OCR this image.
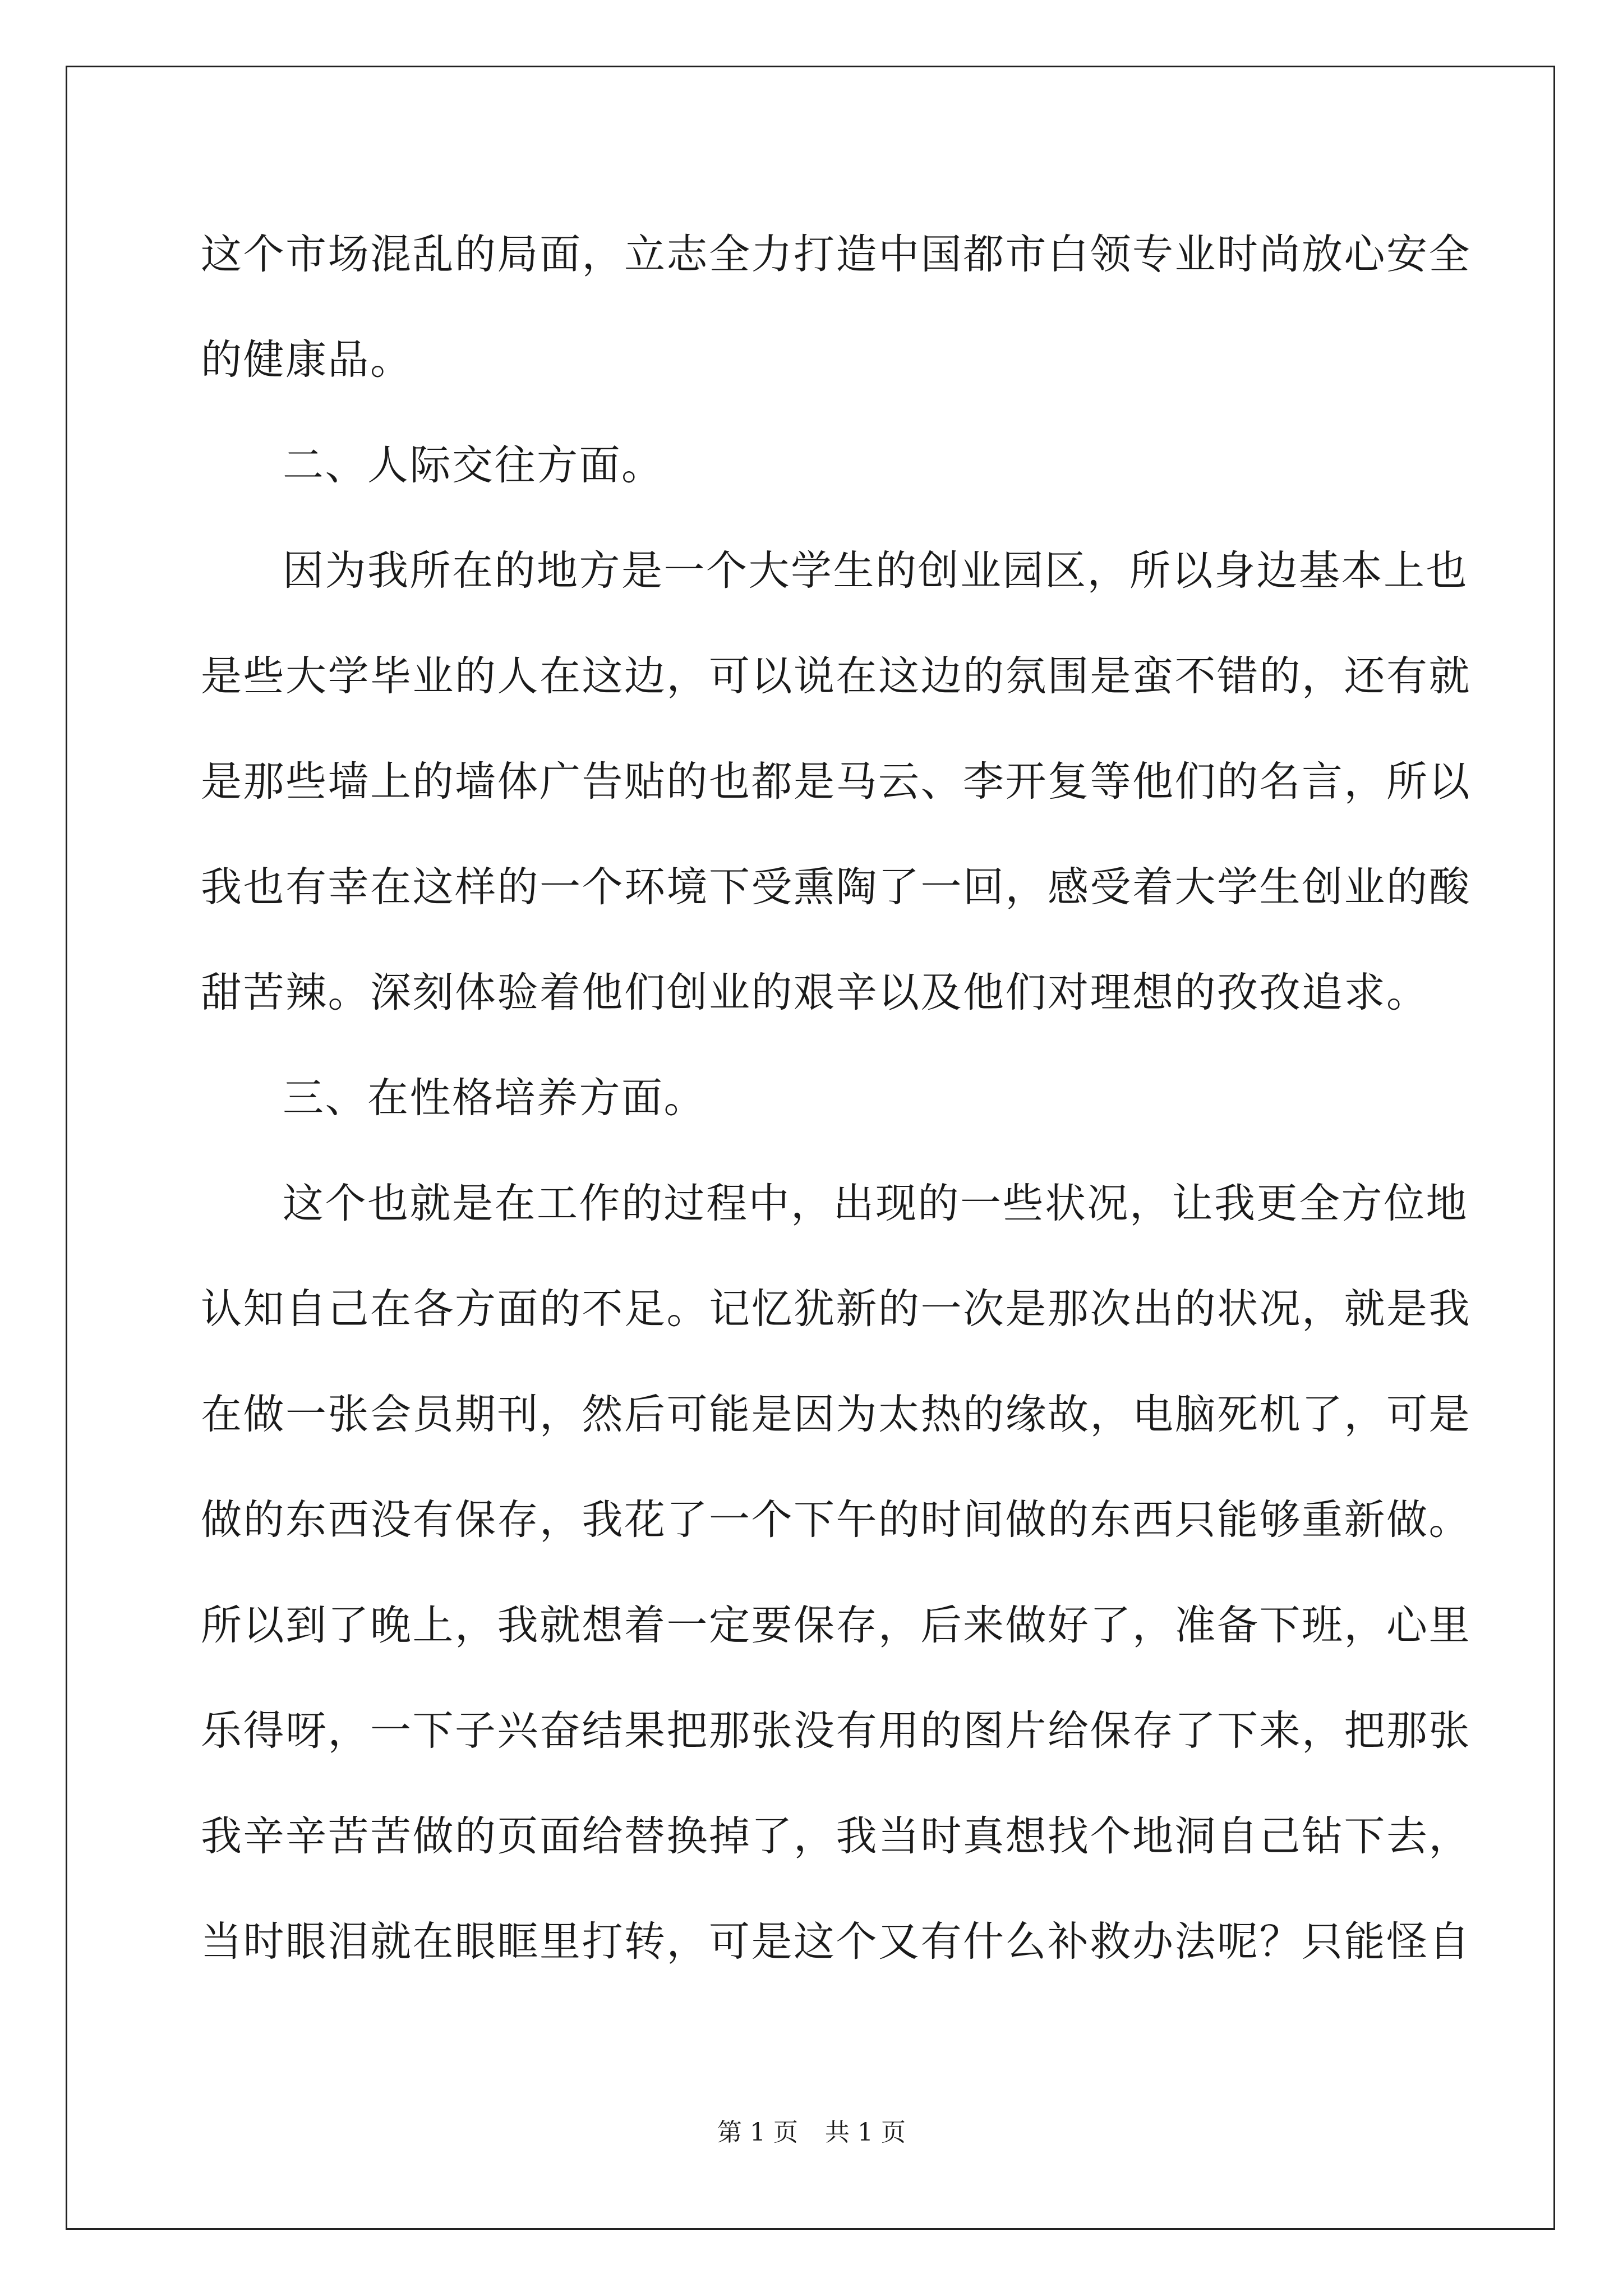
这个市场混乱的局面，立志全力打造中国都市白领专业时尚放心安全
的健康品。
二、人际交往方面。
因为我所在的地方是一个大学生的创业园区，所以身边基本上也
是些大学毕业的人在这边，可以说在这边的氛围是蛮不错的，还有就
是那些墙上的墙体广告贴的也都是马云、李开复等他们的名言，所以
我也有幸在这样的一个环境下受熏陶了一回，感受着大学生创业的酸
甜苦辣。深刻体验着他们创业的艰辛以及他们对理想的孜孜追求。
三、在性格培养方面。
这个也就是在工作的过程中，出现的一些状况，让我更全方位地
认知自己在各方面的不足。记忆犹新的一次是那次出的状况，就是我
在做一张会员期刊，然后可能是因为太热的缘故，电脑死机了，可是
做的东西没有保存，我花了一个下午的时间做的东西只能够重新做。
所以到了晚上，我就想着一定要保存，后来做好了，准备下班，心里
乐得呀，一下子兴奋结果把那张没有用的图片给保存了下来，把那张
我辛辛苦苦做的页面给替换掉了，我当时真想找个地洞自己钻下去，
当时眼泪就在眼眶里打转，可是这个又有什么补救办法呢？只能怪自
第 1 页 共 1 页
